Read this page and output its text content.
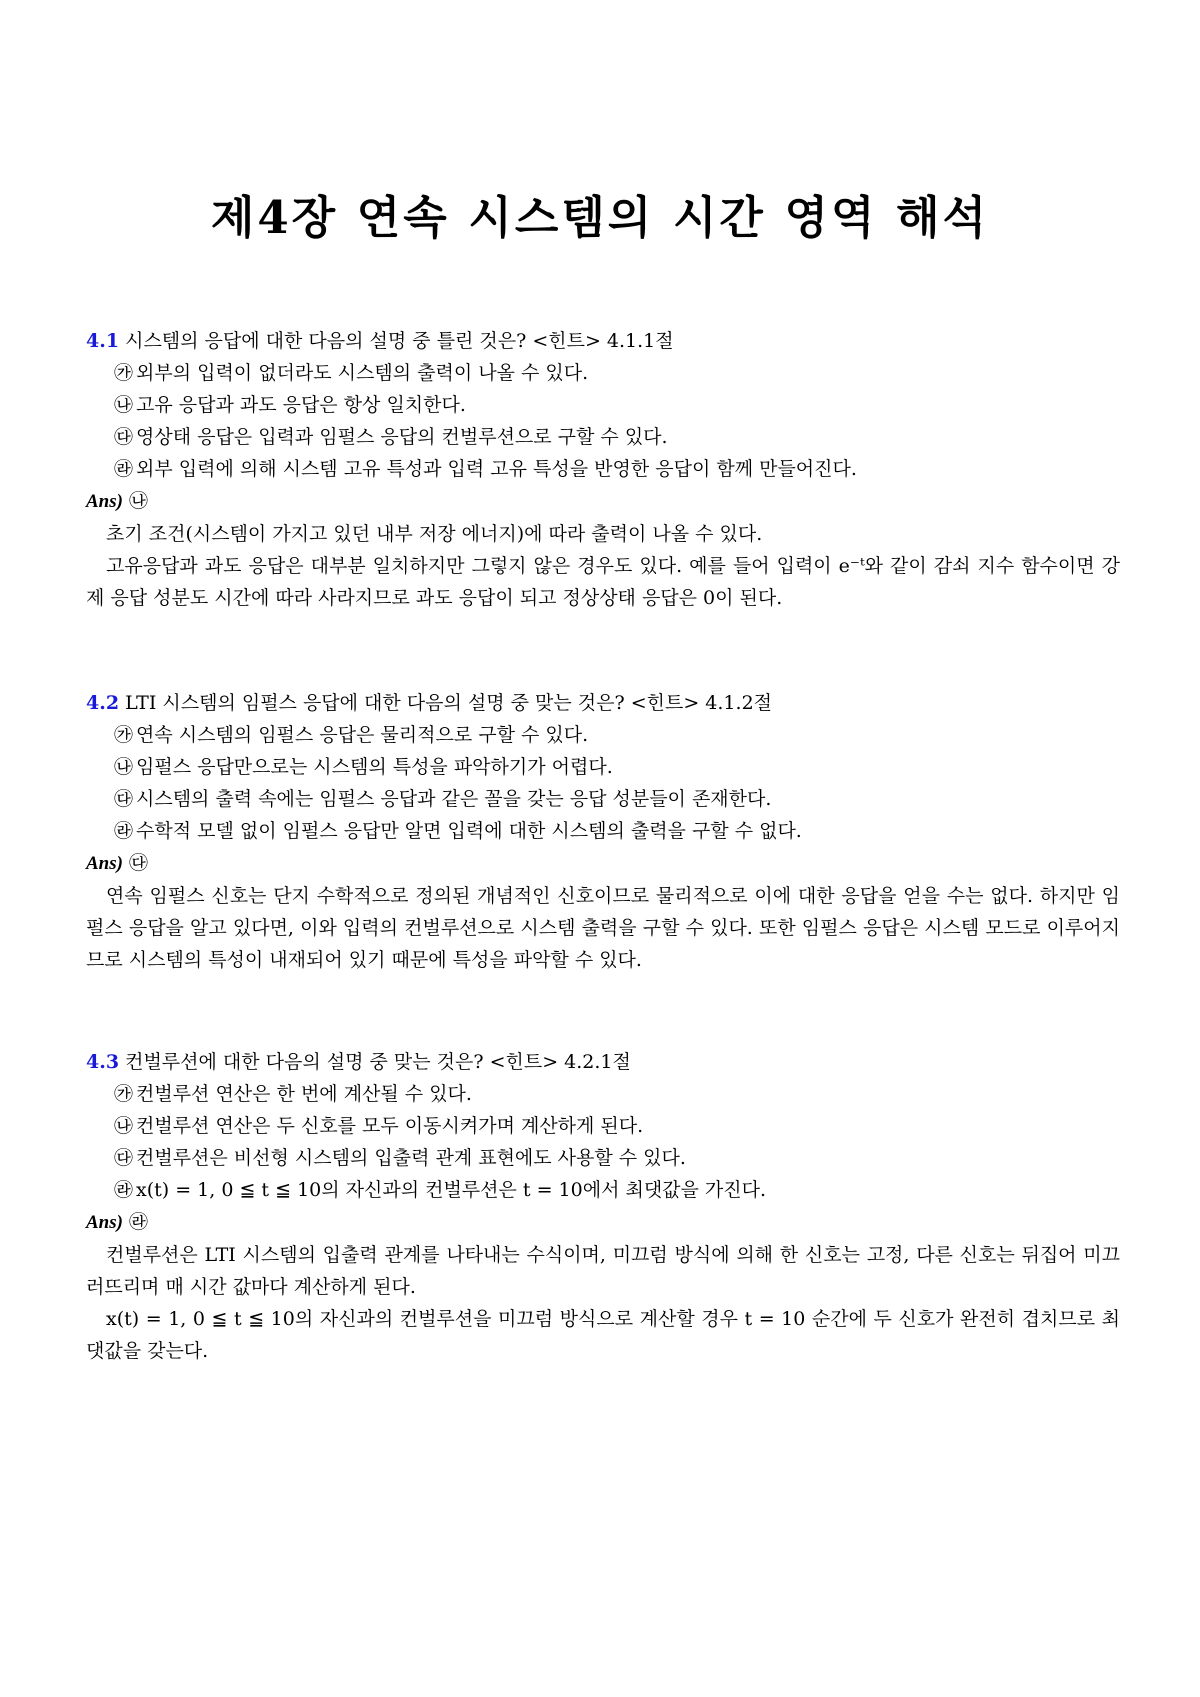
제4장 연속 시스템의 시간 영역 해석
4.1 시스템의 응답에 대한 다음의 설명 중 틀린 것은? <힌트> 4.1.1절
㉮ 외부의 입력이 없더라도 시스템의 출력이 나올 수 있다.
㉯ 고유 응답과 과도 응답은 항상 일치한다.
㉰ 영상태 응답은 입력과 임펄스 응답의 컨벌루션으로 구할 수 있다.
㉱ 외부 입력에 의해 시스템 고유 특성과 입력 고유 특성을 반영한 응답이 함께 만들어진다.
Ans) ㉯
초기 조건(시스템이 가지고 있던 내부 저장 에너지)에 따라 출력이 나올 수 있다.
고유응답과 과도 응답은 대부분 일치하지만 그렇지 않은 경우도 있다. 예를 들어 입력이 e⁻ᵗ와 같이 감쇠 지수 함수이면 강제 응답 성분도 시간에 따라 사라지므로 과도 응답이 되고 정상상태 응답은 0이 된다.
4.2 LTI 시스템의 임펄스 응답에 대한 다음의 설명 중 맞는 것은? <힌트> 4.1.2절
㉮ 연속 시스템의 임펄스 응답은 물리적으로 구할 수 있다.
㉯ 임펄스 응답만으로는 시스템의 특성을 파악하기가 어렵다.
㉰ 시스템의 출력 속에는 임펄스 응답과 같은 꼴을 갖는 응답 성분들이 존재한다.
㉱ 수학적 모델 없이 임펄스 응답만 알면 입력에 대한 시스템의 출력을 구할 수 없다.
Ans) ㉰
연속 임펄스 신호는 단지 수학적으로 정의된 개념적인 신호이므로 물리적으로 이에 대한 응답을 얻을 수는 없다. 하지만 임펄스 응답을 알고 있다면, 이와 입력의 컨벌루션으로 시스템 출력을 구할 수 있다. 또한 임펄스 응답은 시스템 모드로 이루어지므로 시스템의 특성이 내재되어 있기 때문에 특성을 파악할 수 있다.
4.3 컨벌루션에 대한 다음의 설명 중 맞는 것은? <힌트> 4.2.1절
㉮ 컨벌루션 연산은 한 번에 계산될 수 있다.
㉯ 컨벌루션 연산은 두 신호를 모두 이동시켜가며 계산하게 된다.
㉰ 컨벌루션은 비선형 시스템의 입출력 관계 표현에도 사용할 수 있다.
㉱ x(t) = 1, 0 ≦ t ≦ 10의 자신과의 컨벌루션은 t = 10에서 최댓값을 가진다.
Ans) ㉱
컨벌루션은 LTI 시스템의 입출력 관계를 나타내는 수식이며, 미끄럼 방식에 의해 한 신호는 고정, 다른 신호는 뒤집어 미끄러뜨리며 매 시간 값마다 계산하게 된다.
x(t) = 1, 0 ≦ t ≦ 10의 자신과의 컨벌루션을 미끄럼 방식으로 계산할 경우 t = 10 순간에 두 신호가 완전히 겹치므로 최댓값을 갖는다.
